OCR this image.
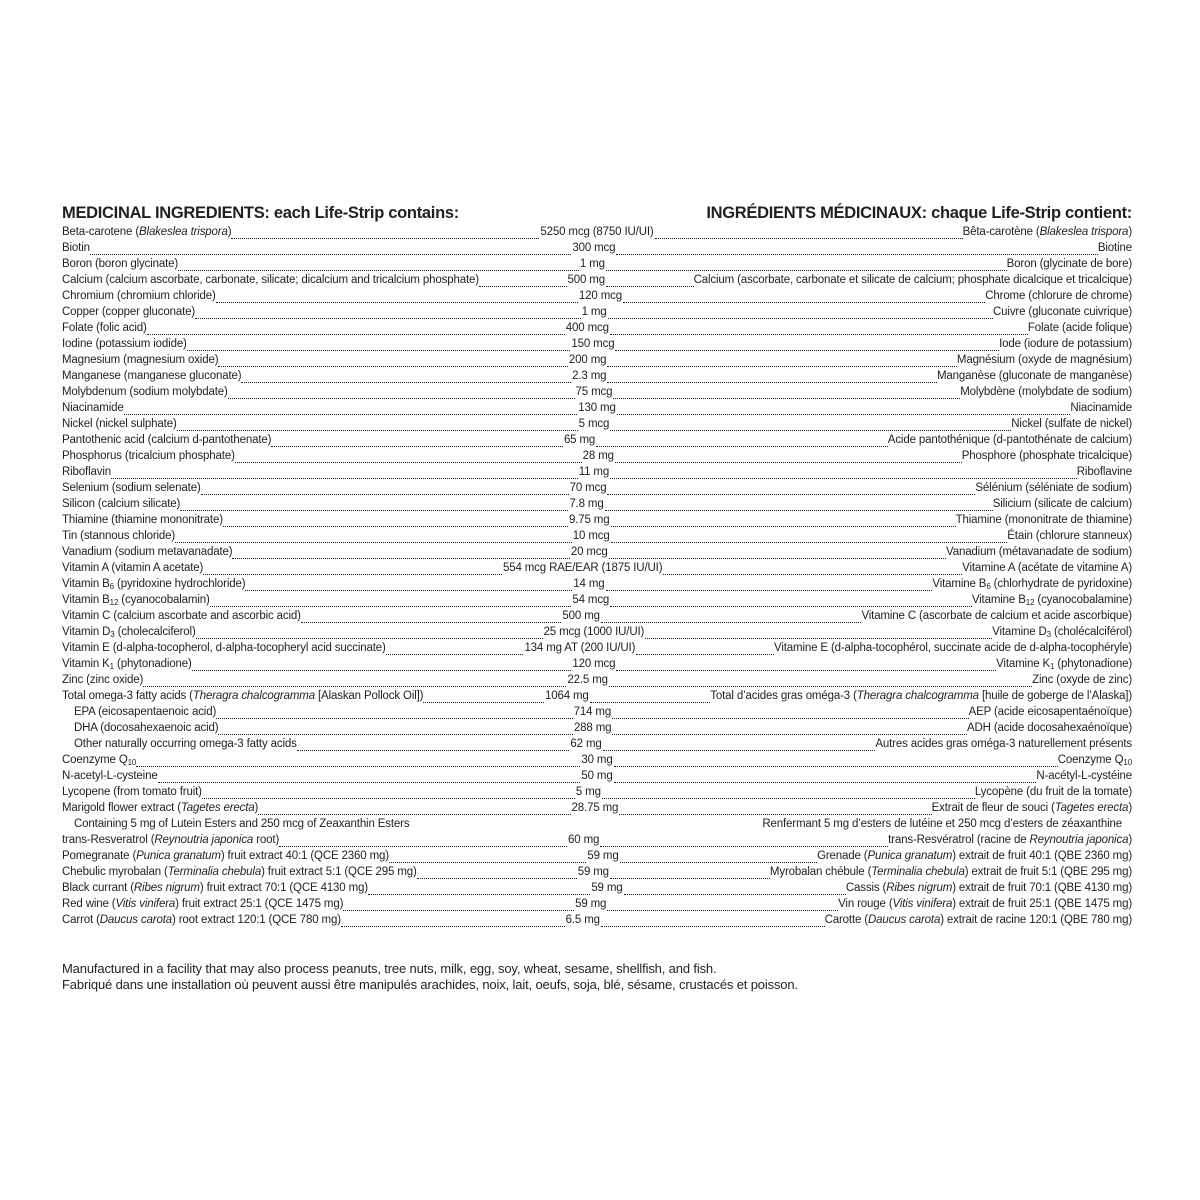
MEDICINAL INGREDIENTS: each Life-Strip contains:	INGRÉDIENTS MÉDICINAUX: chaque Life-Strip contient:
Beta-carotene (Blakeslea trispora)	5250 mcg (8750 IU/UI)	Bêta-carotène (Blakeslea trispora)
Biotin	300 mcg	Biotine
Boron (boron glycinate)	1 mg	Boron (glycinate de bore)
Calcium (calcium ascorbate, carbonate, silicate; dicalcium and tricalcium phosphate)	500 mg	Calcium (ascorbate, carbonate et silicate de calcium; phosphate dicalcique et tricalcique)
Chromium (chromium chloride)	120 mcg	Chrome (chlorure de chrome)
Copper (copper gluconate)	1 mg	Cuivre (gluconate cuivrique)
Folate (folic acid)	400 mcg	Folate (acide folique)
Iodine (potassium iodide)	150 mcg	Iode (iodure de potassium)
Magnesium (magnesium oxide)	200 mg	Magnésium (oxyde de magnésium)
Manganese (manganese gluconate)	2.3 mg	Manganèse (gluconate de manganèse)
Molybdenum (sodium molybdate)	75 mcg	Molybdène (molybdate de sodium)
Niacinamide	130 mg	Niacinamide
Nickel (nickel sulphate)	5 mcg	Nickel (sulfate de nickel)
Pantothenic acid (calcium d-pantothenate)	65 mg	Acide pantothénique (d-pantothénate de calcium)
Phosphorus (tricalcium phosphate)	28 mg	Phosphore (phosphate tricalcique)
Riboflavin	11 mg	Riboflavine
Selenium (sodium selenate)	70 mcg	Sélénium (séléniate de sodium)
Silicon (calcium silicate)	7.8 mg	Silicium (silicate de calcium)
Thiamine (thiamine mononitrate)	9.75 mg	Thiamine (mononitrate de thiamine)
Tin (stannous chloride)	10 mcg	Étain (chlorure stanneux)
Vanadium (sodium metavanadate)	20 mcg	Vanadium (métavanadate de sodium)
Vitamin A (vitamin A acetate)	554 mcg RAE/EAR (1875 IU/UI)	Vitamine A (acétate de vitamine A)
Vitamin $B_6$ (pyridoxine hydrochloride)	14 mg	Vitamine $B_6$ (chlorhydrate de pyridoxine)
Vitamin $B_{12}$ (cyanocobalamin)	54 mcg	Vitamine $B_{12}$ (cyanocobalamine)
Vitamin C (calcium ascorbate and ascorbic acid)	500 mg	Vitamine C (ascorbate de calcium et acide ascorbique)
Vitamin $D_3$ (cholecalciferol)	25 mcg (1000 IU/UI)	Vitamine $D_3$ (cholécalciférol)
Vitamin E (d-alpha-tocopherol, d-alpha-tocopheryl acid succinate)	134 mg AT (200 IU/UI)	Vitamine E (d-alpha-tocophérol, succinate acide de d-alpha-tocophéryle)
Vitamin $K_1$ (phytonadione)	120 mcg	Vitamine $K_1$ (phytonadione)
Zinc (zinc oxide)	22.5 mg	Zinc (oxyde de zinc)
Total omega-3 fatty acids (Theragra chalcogramma [Alaskan Pollock Oil])	1064 mg	Total d’acides gras oméga-3 (Theragra chalcogramma [huile de goberge de l’Alaska])
EPA (eicosapentaenoic acid)	714 mg	AEP (acide eicosapentaénoïque)
DHA (docosahexaenoic acid)	288 mg	ADH (acide docosahexaénoïque)
Other naturally occurring omega-3 fatty acids	62 mg	Autres acides gras oméga-3 naturellement présents
Coenzyme $Q_{10}$	30 mg	Coenzyme $Q_{10}$
N-acetyl-L-cysteine	50 mg	N-acétyl-L-cystéine
Lycopene (from tomato fruit)	5 mg	Lycopène (du fruit de la tomate)
Marigold flower extract (Tagetes erecta)	28.75 mg	Extrait de fleur de souci (Tagetes erecta)
Containing 5 mg of Lutein Esters and 250 mcg of Zeaxanthin Esters	Renfermant 5 mg d’esters de lutéine et 250 mcg d’esters de zéaxanthine
trans-Resveratrol (Reynoutria japonica root)	60 mg	trans-Resvératrol (racine de Reynoutria japonica)
Pomegranate (Punica granatum) fruit extract 40:1 (QCE 2360 mg)	59 mg	Grenade (Punica granatum) extrait de fruit 40:1 (QBE 2360 mg)
Chebulic myrobalan (Terminalia chebula) fruit extract 5:1 (QCE 295 mg)	59 mg	Myrobalan chébule (Terminalia chebula) extrait de fruit 5:1 (QBE 295 mg)
Black currant (Ribes nigrum) fruit extract 70:1 (QCE 4130 mg)	59 mg	Cassis (Ribes nigrum) extrait de fruit 70:1 (QBE 4130 mg)
Red wine (Vitis vinifera) fruit extract 25:1 (QCE 1475 mg)	59 mg	Vin rouge (Vitis vinifera) extrait de fruit 25:1 (QBE 1475 mg)
Carrot (Daucus carota) root extract 120:1 (QCE 780 mg)	6.5 mg	Carotte (Daucus carota) extrait de racine 120:1 (QBE 780 mg)
Manufactured in a facility that may also process peanuts, tree nuts, milk, egg, soy, wheat, sesame, shellfish, and fish.
Fabriqué dans une installation où peuvent aussi être manipulés arachides, noix, lait, oeufs, soja, blé, sésame, crustacés et poisson.
